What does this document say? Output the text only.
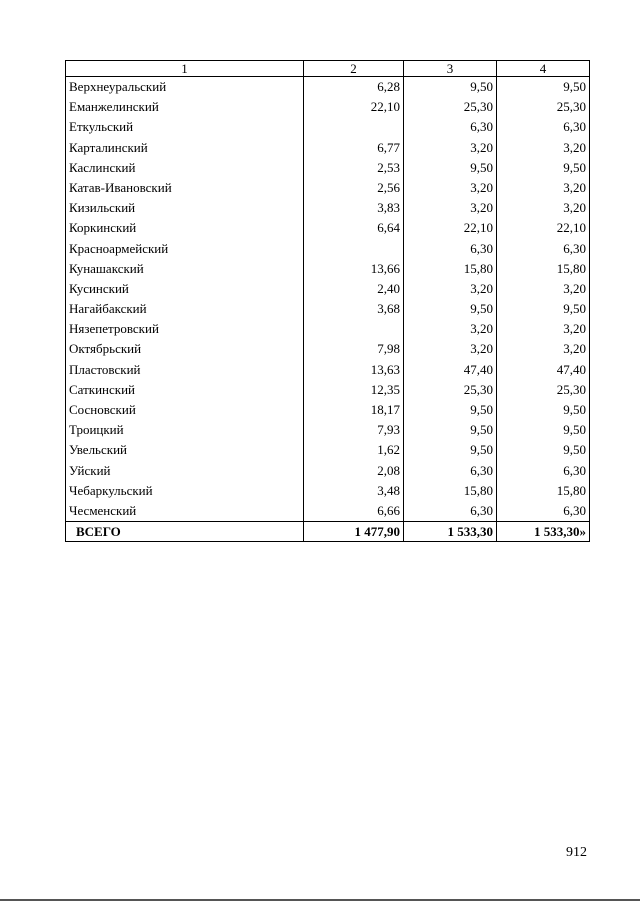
1	2	3	4
Верхнеуральский	6,28	9,50	9,50
Еманжелинский	22,10	25,30	25,30
Еткульский		6,30	6,30
Карталинский	6,77	3,20	3,20
Каслинский	2,53	9,50	9,50
Катав-Ивановский	2,56	3,20	3,20
Кизильский	3,83	3,20	3,20
Коркинский	6,64	22,10	22,10
Красноармейский		6,30	6,30
Кунашакский	13,66	15,80	15,80
Кусинский	2,40	3,20	3,20
Нагайбакский	3,68	9,50	9,50
Нязепетровский		3,20	3,20
Октябрьский	7,98	3,20	3,20
Пластовский	13,63	47,40	47,40
Саткинский	12,35	25,30	25,30
Сосновский	18,17	9,50	9,50
Троицкий	7,93	9,50	9,50
Увельский	1,62	9,50	9,50
Уйский	2,08	6,30	6,30
Чебаркульский	3,48	15,80	15,80
Чесменский	6,66	6,30	6,30
ВСЕГО	1 477,90	1 533,30	1 533,30»
912
